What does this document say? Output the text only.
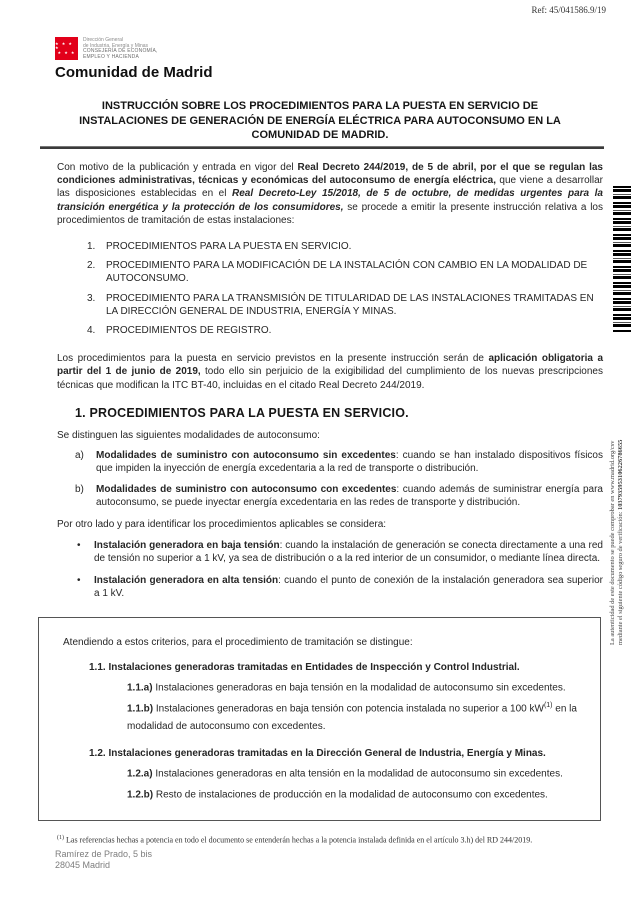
Ref: 45/041586.9/19
★ ★ ★ ★
★ ★ ★
Dirección General
de Industria, Energía y Minas
CONSEJERÍA DE ECONOMÍA,
EMPLEO Y HACIENDA
Comunidad de Madrid
INSTRUCCIÓN SOBRE LOS PROCEDIMIENTOS PARA LA PUESTA EN SERVICIO DE INSTALACIONES DE GENERACIÓN DE ENERGÍA ELÉCTRICA PARA AUTOCONSUMO EN LA COMUNIDAD DE MADRID.

Con motivo de la publicación y entrada en vigor del Real Decreto 244/2019, de 5 de abril, por el que se regulan las condiciones administrativas, técnicas y económicas del autoconsumo de energía eléctrica, que viene a desarrollar las disposiciones establecidas en el Real Decreto-Ley 15/2018, de 5 de octubre, de medidas urgentes para la transición energética y la protección de los consumidores, se procede a emitir la presente instrucción relativa a los procedimientos de tramitación de estas instalaciones:

1.	PROCEDIMIENTOS PARA LA PUESTA EN SERVICIO.
2.	PROCEDIMIENTO PARA LA MODIFICACIÓN DE LA INSTALACIÓN CON CAMBIO EN LA MODALIDAD DE AUTOCONSUMO.
3.	PROCEDIMIENTO PARA LA TRANSMISIÓN DE TITULARIDAD DE LAS INSTALACIONES TRAMITADAS EN LA DIRECCIÓN GENERAL DE INDUSTRIA, ENERGÍA Y MINAS.
4.	PROCEDIMIENTOS DE REGISTRO.

Los procedimientos para la puesta en servicio previstos en la presente instrucción serán de aplicación obligatoria a partir del 1 de junio de 2019, todo ello sin perjuicio de la exigibilidad del cumplimiento de los nuevas prescripciones técnicas que modifican la ITC BT-40, incluidas en el citado Real Decreto 244/2019.

1. PROCEDIMIENTOS PARA LA PUESTA EN SERVICIO.

Se distinguen las siguientes modalidades de autoconsumo:

a)	Modalidades de suministro con autoconsumo sin excedentes: cuando se han instalado dispositivos físicos que impiden la inyección de energía excedentaria a la red de transporte o distribución.
b)	Modalidades de suministro con autoconsumo con excedentes: cuando además de suministrar energía para autoconsumo, se puede inyectar energía excedentaria en las redes de transporte y distribución.

Por otro lado y para identificar los procedimientos aplicables se considera:

•	Instalación generadora en baja tensión: cuando la instalación de generación se conecta directamente a una red de tensión no superior a 1 kV, ya sea de distribución o a la red interior de un consumidor, o mediante línea directa.
•	Instalación generadora en alta tensión: cuando el punto de conexión de la instalación generadora sea superior a 1 kV.
Atendiendo a estos criterios, para el procedimiento de tramitación se distingue:
1.1. Instalaciones generadoras tramitadas en Entidades de Inspección y Control Industrial.
1.1.a) Instalaciones generadoras en baja tensión en la modalidad de autoconsumo sin excedentes.
1.1.b) Instalaciones generadoras en baja tensión con potencia instalada no superior a 100 $kW^{(1)}$ en la modalidad de autoconsumo con excedentes.
1.2. Instalaciones generadoras tramitadas en la Dirección General de Industria, Energía y Minas.
1.2.a) Instalaciones generadoras en alta tensión en la modalidad de autoconsumo sin excedentes.
1.2.b) Resto de instalaciones de producción en la modalidad de autoconsumo con excedentes.
$^{(1)}$ Las referencias hechas a potencia en todo el documento se entenderán hechas a la potencia instalada definida en el artículo 3.h) del RD 244/2019.
Ramírez de Prado, 5 bis
28045 Madrid
La autenticidad de este documento se puede comprobar en www.madrid.org/csv mediante el siguiente código seguro de verificación: 1037935953106226786655
